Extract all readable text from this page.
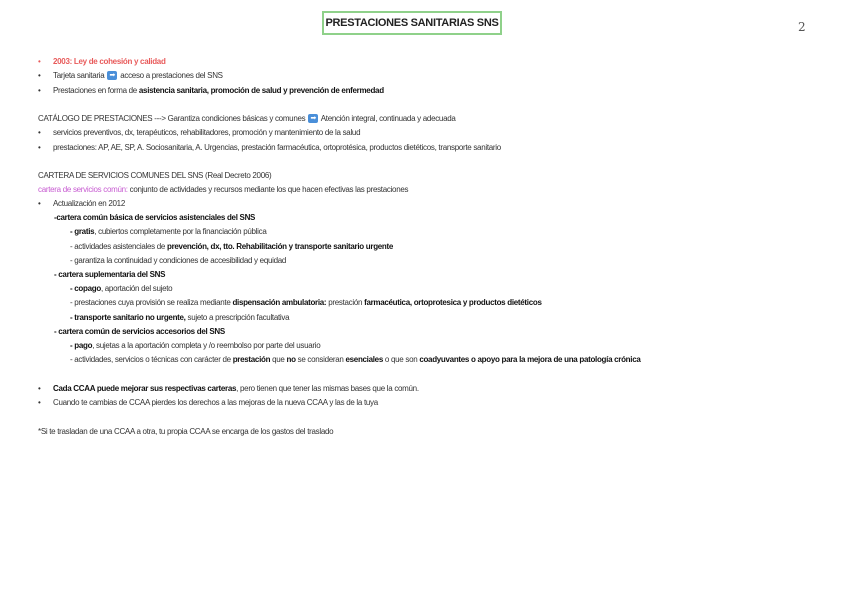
PRESTACIONES SANITARIAS SNS	2
• 2003: Ley de cohesión y calidad
• Tarjeta sanitaria ➡ acceso a prestaciones del SNS
• Prestaciones en forma de asistencia sanitaria, promoción de salud y prevención de enfermedad
CATÁLOGO DE PRESTACIONES ---> Garantiza condiciones básicas y comunes ➡ Atención integral, continuada y adecuada
• servicios preventivos, dx, terapéuticos, rehabilitadores, promoción y mantenimiento de la salud
• prestaciones: AP, AE, SP, A. Sociosanitaria, A. Urgencias, prestación farmacéutica, ortoprotésica, productos dietéticos, transporte sanitario
CARTERA DE SERVICIOS COMUNES DEL SNS (Real Decreto 2006)
cartera de servicios común: conjunto de actividades y recursos mediante los que hacen efectivas las prestaciones
• Actualización en 2012
-cartera común básica de servicios asistenciales del SNS
- gratis, cubiertos completamente por la financiación pública
- actividades asistenciales de prevención, dx, tto. Rehabilitación y transporte sanitario urgente
- garantiza la continuidad y condiciones de accesibilidad y equidad
- cartera suplementaria del SNS
- copago, aportación del sujeto
- prestaciones cuya provisión se realiza mediante dispensación ambulatoria: prestación farmacéutica, ortoprotesica y productos dietéticos
- transporte sanitario no urgente, sujeto a prescripción facultativa
- cartera común de servicios accesorios del SNS
- pago, sujetas a la aportación completa y /o reembolso por parte del usuario
- actividades, servicios o técnicas con carácter de prestación que no se consideran esenciales o que son coadyuvantes o apoyo para la mejora de una patología crónica
• Cada CCAA puede mejorar sus respectivas carteras, pero tienen que tener las mismas bases que la común.
• Cuando te cambias de CCAA pierdes los derechos a las mejoras de la nueva CCAA y las de la tuya
*Si te trasladan de una CCAA a otra, tu propia CCAA se encarga de los gastos del traslado
